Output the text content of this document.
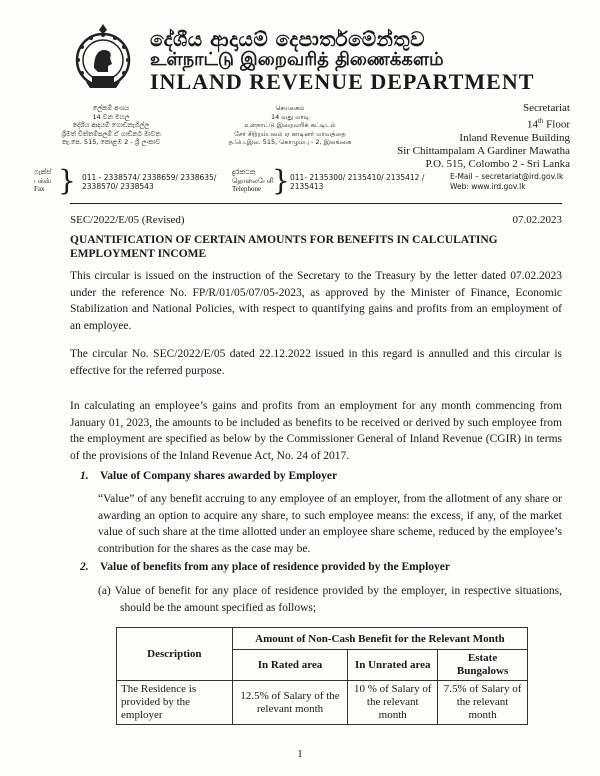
දේශීය ආදායම් දෙපාර්තමේන්තුව
உள்நாட்டு இறைவரித் திணைக்களம்
INLAND REVENUE DEPARTMENT
ලේකම් අංශය
14 වන මහල
දේශීය ආදායම් ගොඩනැගිල්ල
ශ්‍රීමත් චිත්තම්පලම් ඒ ගාඩිනර් මාවත
තැ.පෙ. 515, කොළඹ 2 - ශ්‍රී ලංකාව
செயலகம்
14 வது மாடி
உள்நாட்டு இறைவரிக் கட்டிடம்
சேர் சிற்றம்பலம் ஏ காடினர் மாவத்தை
த.பெ.இல. 515, கொழும்பு - 2, இலங்கை
Secretariat
14th Floor
Inland Revenue Building
Sir Chittampalam A Gardiner Mawatha
P.O. 515, Colombo 2 - Sri Lanka
ෆැක්ස්
பக்ஸ்
Fax } 011 - 2338574/ 2338659/ 2338635/
2338570/ 2338543
දුරකථන
தொலைபேசி
Telephone } 011- 2135300/ 2135410/ 2135412 /
2135413
E-Mail – secretariat@ird.gov.lk
Web: www.ird.gov.lk
SEC/2022/E/05 (Revised)	07.02.2023
QUANTIFICATION OF CERTAIN AMOUNTS FOR BENEFITS IN CALCULATING EMPLOYMENT INCOME
This circular is issued on the instruction of the Secretary to the Treasury by the letter dated 07.02.2023 under the reference No. FP/R/01/05/07/05-2023, as approved by the Minister of Finance, Economic Stabilization and National Policies, with respect to quantifying gains and profits from an employment of an employee.
The circular No. SEC/2022/E/05 dated 22.12.2022 issued in this regard is annulled and this circular is effective for the referred purpose.
In calculating an employee’s gains and profits from an employment for any month commencing from January 01, 2023, the amounts to be included as benefits to be received or derived by such employee from the employment are specified as below by the Commissioner General of Inland Revenue (CGIR) in terms of the provisions of the Inland Revenue Act, No. 24 of 2017.
1. Value of Company shares awarded by Employer
“Value” of any benefit accruing to any employee of an employer, from the allotment of any share or awarding an option to acquire any share, to such employee means: the excess, if any, of the market value of such share at the time allotted under an employee share scheme, reduced by the employee’s contribution for the shares as the case may be.
2. Value of benefits from any place of residence provided by the Employer
(a) Value of benefit for any place of residence provided by the employer, in respective situations, should be the amount specified as follows;
Description	Amount of Non-Cash Benefit for the Relevant Month		
	In Rated area	In Unrated area	Estate Bungalows
The Residence is provided by the employer	12.5% of Salary of the relevant month	10 % of Salary of the relevant month	7.5% of Salary of the relevant month
1
